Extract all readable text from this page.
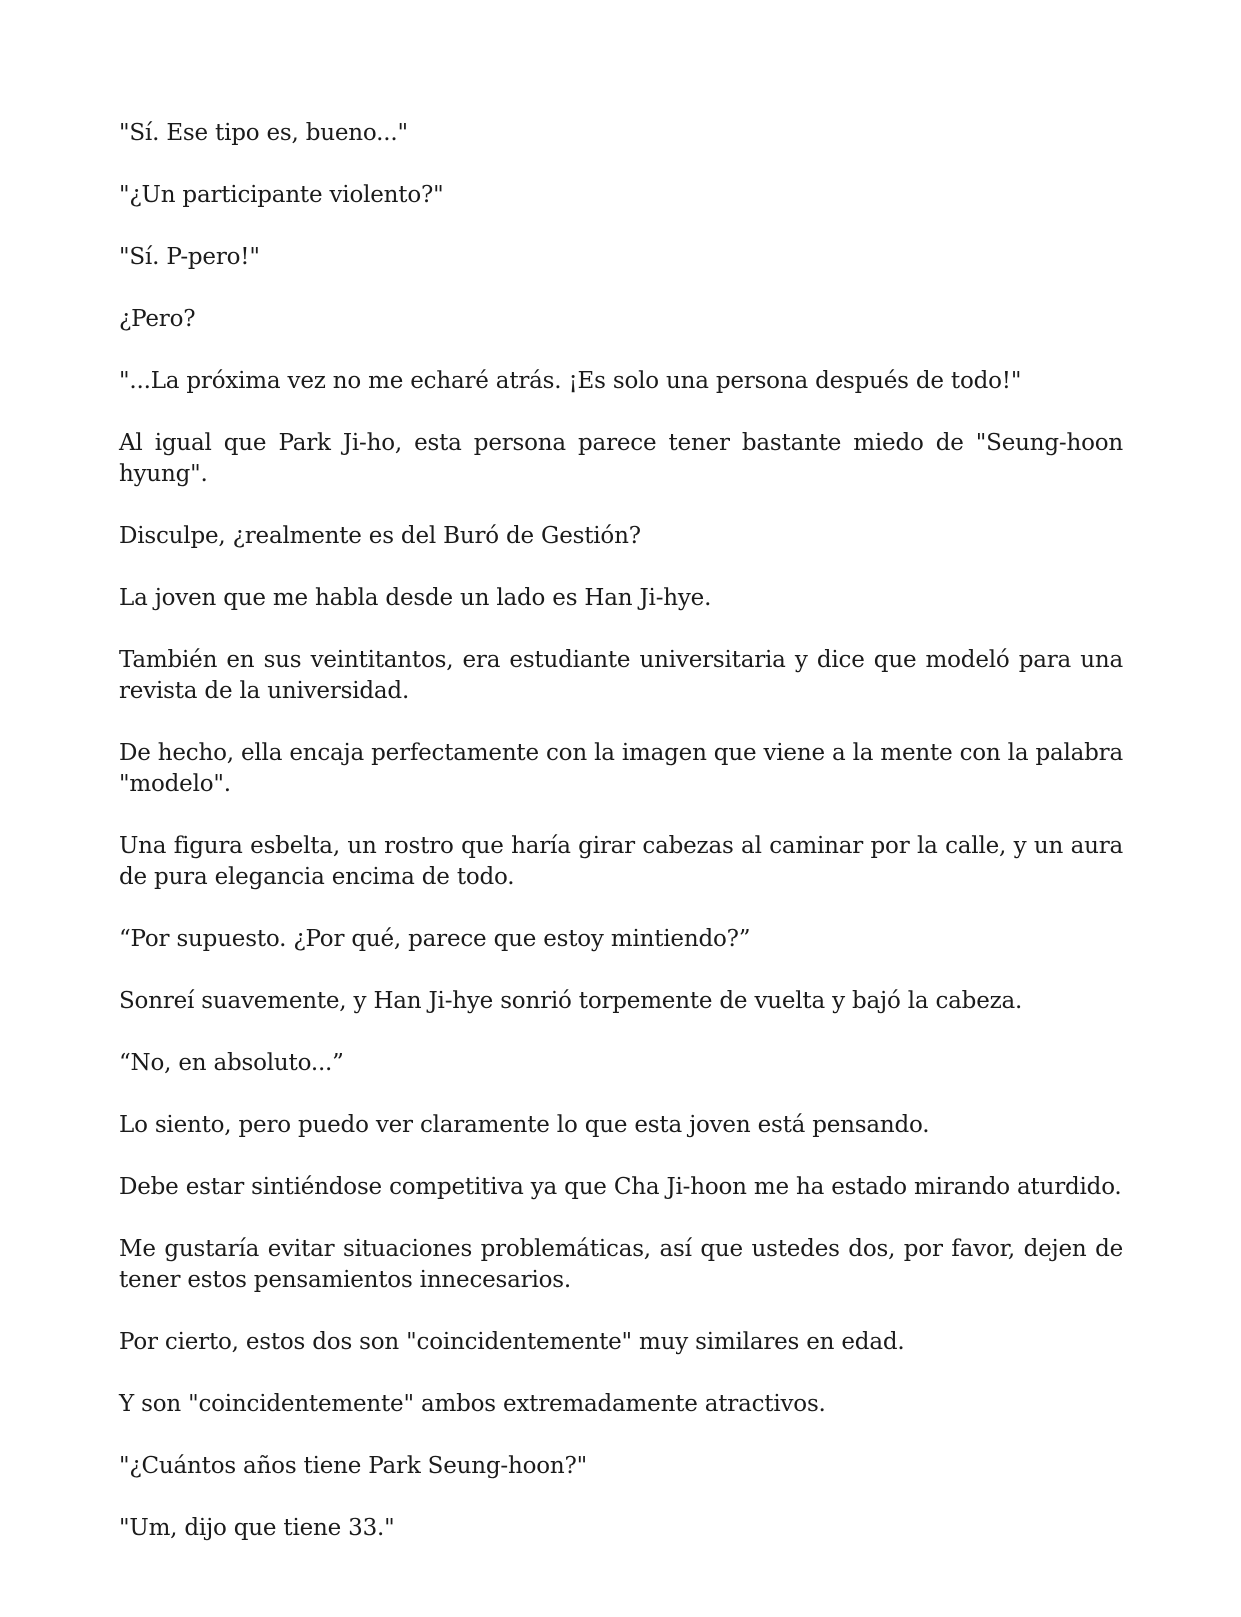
"Sí. Ese tipo es, bueno..."

"¿Un participante violento?"

"Sí. P-pero!"

¿Pero?

"...La próxima vez no me echaré atrás. ¡Es solo una persona después de todo!"

Al igual que Park Ji-ho, esta persona parece tener bastante miedo de "Seung-hoon hyung".

Disculpe, ¿realmente es del Buró de Gestión?

La joven que me habla desde un lado es Han Ji-hye.

También en sus veintitantos, era estudiante universitaria y dice que modeló para una revista de la universidad.

De hecho, ella encaja perfectamente con la imagen que viene a la mente con la palabra "modelo".

Una figura esbelta, un rostro que haría girar cabezas al caminar por la calle, y un aura de pura elegancia encima de todo.

“Por supuesto. ¿Por qué, parece que estoy mintiendo?”

Sonreí suavemente, y Han Ji-hye sonrió torpemente de vuelta y bajó la cabeza.

“No, en absoluto...”

Lo siento, pero puedo ver claramente lo que esta joven está pensando.

Debe estar sintiéndose competitiva ya que Cha Ji-hoon me ha estado mirando aturdido.

Me gustaría evitar situaciones problemáticas, así que ustedes dos, por favor, dejen de tener estos pensamientos innecesarios.

Por cierto, estos dos son "coincidentemente" muy similares en edad.

Y son "coincidentemente" ambos extremadamente atractivos.

"¿Cuántos años tiene Park Seung-hoon?"

"Um, dijo que tiene 33."
